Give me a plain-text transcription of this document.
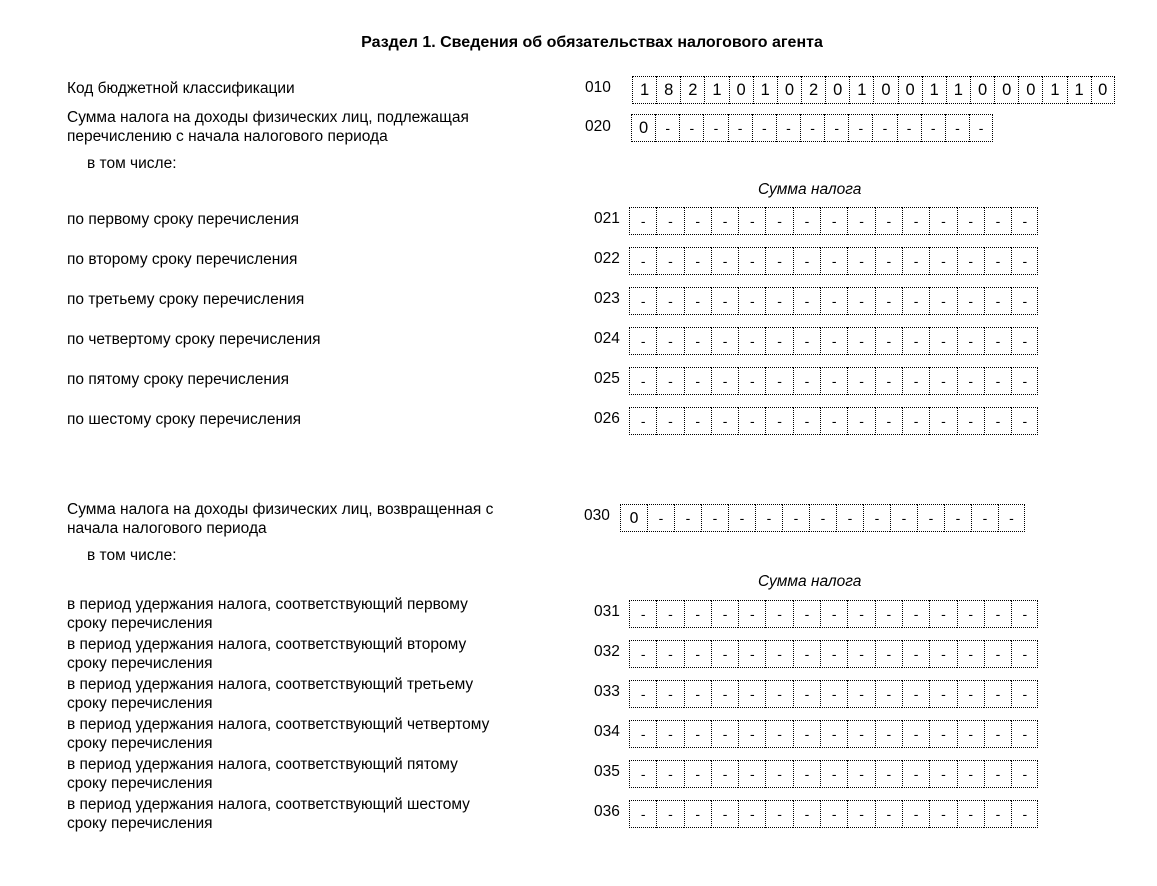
Раздел 1. Сведения об обязательствах налогового агента
Код бюджетной классификации	010 1 8 2 1 0 1 0 2 0 1 0 0 1 1 0 0 0 1 1 0
Сумма налога на доходы физических лиц, подлежащая
перечислению с начала налогового периода
020 0 - - - - - - - - - - - - - -
в том числе:
Сумма налога
по первому сроку перечисления	021 - - - - - - - - - - - - - - -
по второму сроку перечисления	022 - - - - - - - - - - - - - - -
по третьему сроку перечисления	023 - - - - - - - - - - - - - - -
по четвертому сроку перечисления	024 - - - - - - - - - - - - - - -
по пятому сроку перечисления	025 - - - - - - - - - - - - - - -
по шестому сроку перечисления	026 - - - - - - - - - - - - - - -
Сумма налога на доходы физических лиц, возвращенная с
начала налогового периода
030 0 - - - - - - - - - - - - - -
в том числе:
Сумма налога
в период удержания налога, соответствующий первому
сроку перечисления
031 - - - - - - - - - - - - - - -
в период удержания налога, соответствующий второму
сроку перечисления
032 - - - - - - - - - - - - - - -
в период удержания налога, соответствующий третьему
сроку перечисления
033 - - - - - - - - - - - - - - -
в период удержания налога, соответствующий четвертому
сроку перечисления
034 - - - - - - - - - - - - - - -
в период удержания налога, соответствующий пятому
сроку перечисления
035 - - - - - - - - - - - - - - -
в период удержания налога, соответствующий шестому
сроку перечисления
036 - - - - - - - - - - - - - - -
